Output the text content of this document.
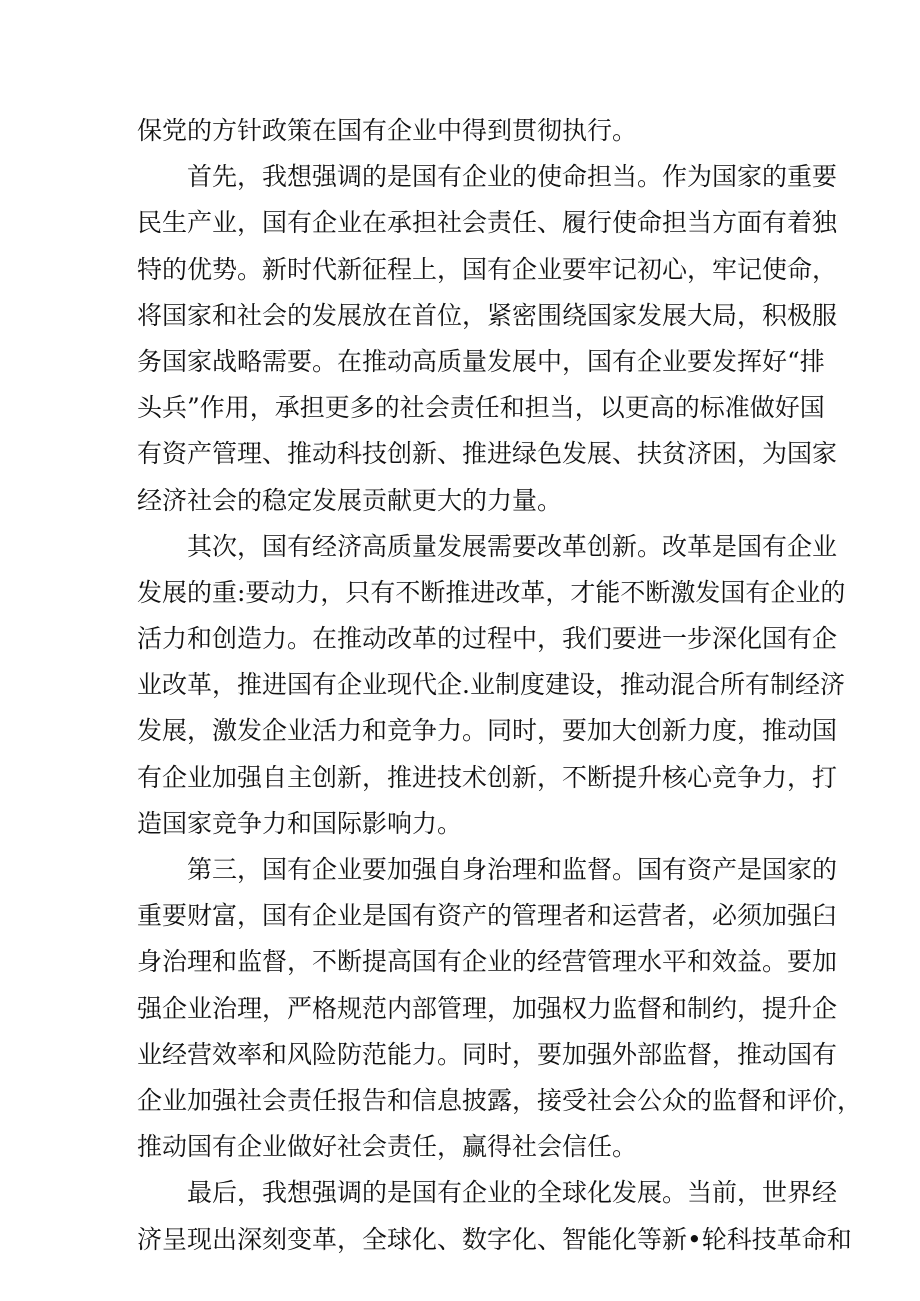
保党的方针政策在国有企业中得到贯彻执行。
　　首先，我想强调的是国有企业的使命担当。作为国家的重要
民生产业，国有企业在承担社会责任、履行使命担当方面有着独
特的优势。新时代新征程上，国有企业要牢记初心，牢记使命，
将国家和社会的发展放在首位，紧密围绕国家发展大局，积极服
务国家战略需要。在推动高质量发展中，国有企业要发挥好“排
头兵”作用，承担更多的社会责任和担当，以更高的标准做好国
有资产管理、推动科技创新、推进绿色发展、扶贫济困，为国家
经济社会的稳定发展贡献更大的力量。
　　其次，国有经济高质量发展需要改革创新。改革是国有企业
发展的重:要动力，只有不断推进改革，才能不断激发国有企业的
活力和创造力。在推动改革的过程中，我们要进一步深化国有企
业改革，推进国有企业现代企.业制度建设，推动混合所有制经济
发展，激发企业活力和竞争力。同时，要加大创新力度，推动国
有企业加强自主创新，推进技术创新，不断提升核心竞争力，打
造国家竞争力和国际影响力。
　　第三，国有企业要加强自身治理和监督。国有资产是国家的
重要财富，国有企业是国有资产的管理者和运营者，必须加强臼
身治理和监督，不断提高国有企业的经营管理水平和效益。要加
强企业治理，严格规范内部管理，加强权力监督和制约，提升企
业经营效率和风险防范能力。同时，要加强外部监督，推动国有
企业加强社会责任报告和信息披露，接受社会公众的监督和评价，
推动国有企业做好社会责任，赢得社会信任。
　　最后，我想强调的是国有企业的全球化发展。当前，世界经
济呈现出深刻变革，全球化、数字化、智能化等新•轮科技革命和
